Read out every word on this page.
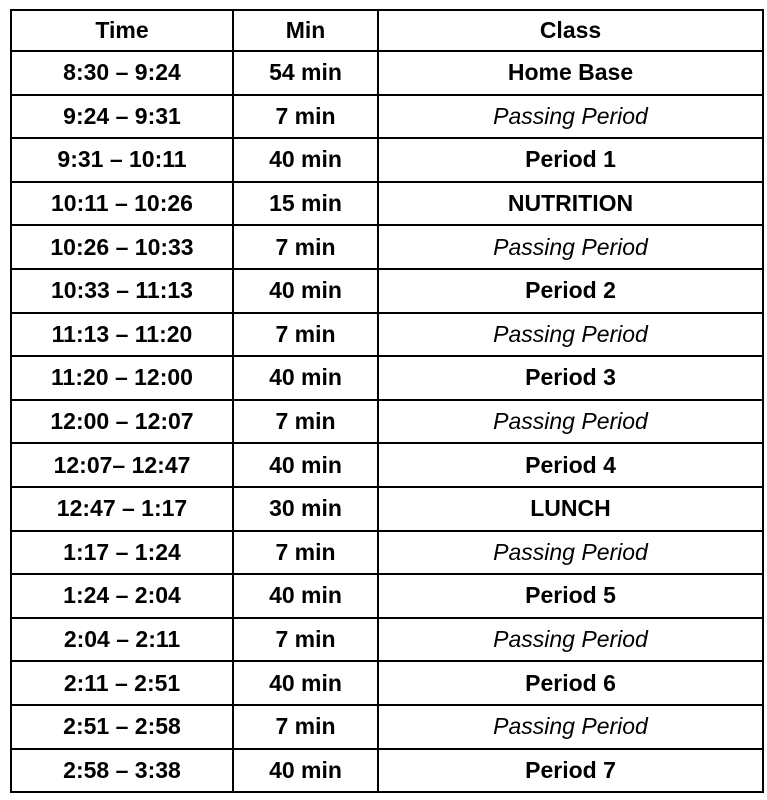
Time	Min	Class
8:30 – 9:24	54 min	Home Base
9:24 – 9:31	7 min	Passing Period
9:31 – 10:11	40 min	Period 1
10:11 – 10:26	15 min	NUTRITION
10:26 – 10:33	7 min	Passing Period
10:33 – 11:13	40 min	Period 2
11:13 – 11:20	7 min	Passing Period
11:20 – 12:00	40 min	Period 3
12:00 – 12:07	7 min	Passing Period
12:07– 12:47	40 min	Period 4
12:47 – 1:17	30 min	LUNCH
1:17 – 1:24	7 min	Passing Period
1:24 – 2:04	40 min	Period 5
2:04 – 2:11	7 min	Passing Period
2:11 – 2:51	40 min	Period 6
2:51 – 2:58	7 min	Passing Period
2:58 – 3:38	40 min	Period 7
